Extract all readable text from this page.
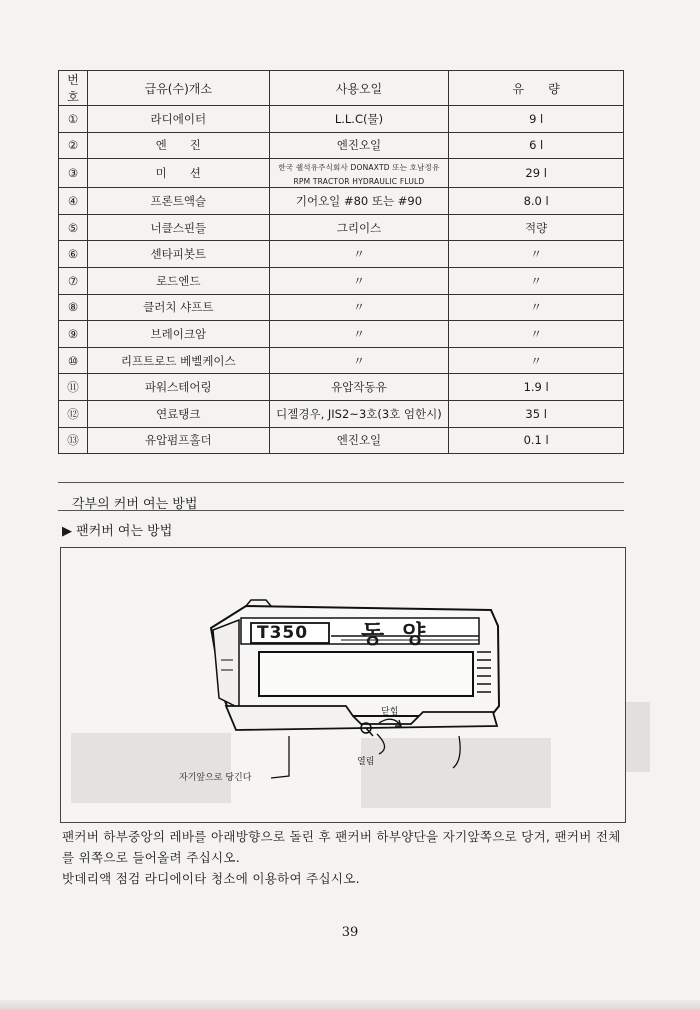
번호	급유(수)개소	사용오일	유　　량
①	라디에이터	L.L.C(물)	9 l
②	엔　　진	엔진오일	6 l
③	미　　션	한국 쉘석유주식회사 DONAXTD 또는 호남정유 RPM TRACTOR HYDRAULIC FLULD	29 l
④	프론트액슬	기어오일 #80 또는 #90	8.0 l
⑤	너클스핀들	그리이스	적량
⑥	센타피봇트	〃	〃
⑦	로드엔드	〃	〃
⑧	클러치 샤프트	〃	〃
⑨	브레이크암	〃	〃
⑩	리프트로드 베벨케이스	〃	〃
⑪	파워스테어링	유압작동유	1.9 l
⑫	연료탱크	디젤경우, JIS2~3호(3호 엄한시)	35 l
⑬	유압펌프홀더	엔진오일	0.1 l
각부의 커버 여는 방법
▶ 팬커버 여는 방법
T350 동양
닫힘
열림
자기앞으로 당긴다

팬커버 하부중앙의 레바를 아래방향으로 돌린 후 팬커버 하부양단을 자기앞쪽으로 당겨, 팬커버 전체를 위쪽으로 들어올려 주십시오.

밧데리액 점검 라디에이타 청소에 이용하여 주십시오.

39
